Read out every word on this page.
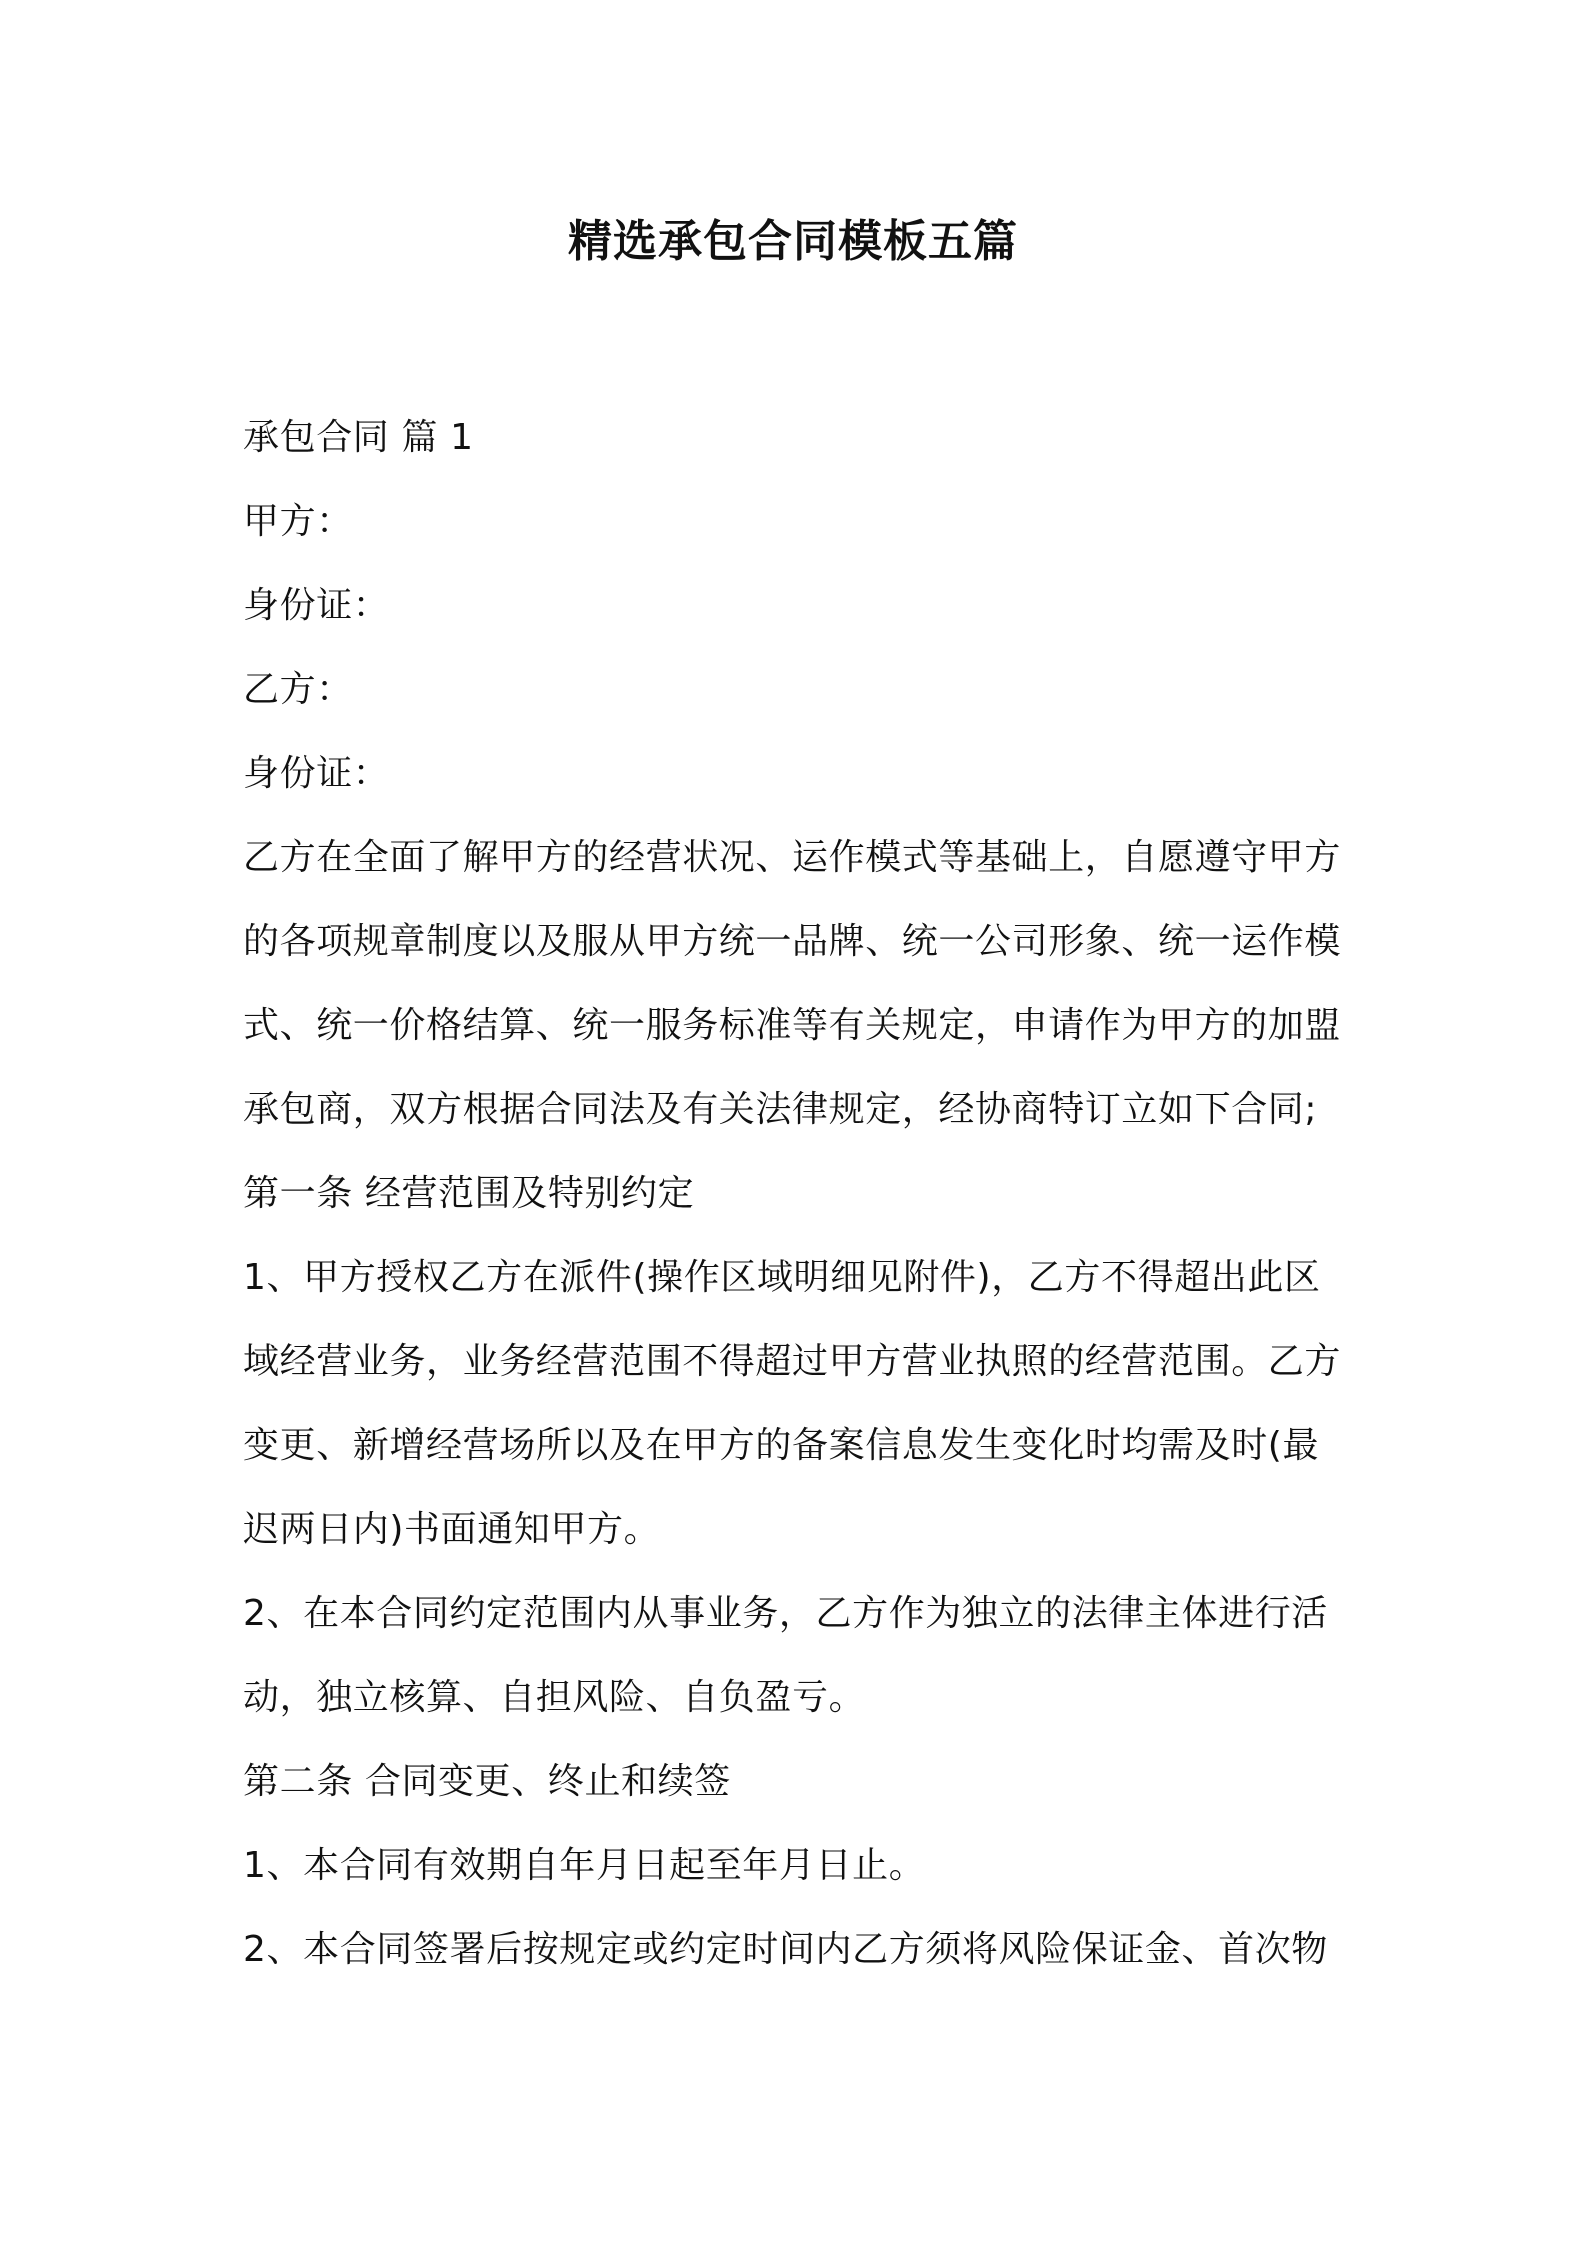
精选承包合同模板五篇
承包合同 篇 1
甲方：
身份证：
乙方：
身份证：
乙方在全面了解甲方的经营状况、运作模式等基础上，自愿遵守甲方
的各项规章制度以及服从甲方统一品牌、统一公司形象、统一运作模
式、统一价格结算、统一服务标准等有关规定，申请作为甲方的加盟
承包商，双方根据合同法及有关法律规定，经协商特订立如下合同;
第一条 经营范围及特别约定
1、甲方授权乙方在派件(操作区域明细见附件)，乙方不得超出此区
域经营业务，业务经营范围不得超过甲方营业执照的经营范围。乙方
变更、新增经营场所以及在甲方的备案信息发生变化时均需及时(最
迟两日内)书面通知甲方。
2、在本合同约定范围内从事业务，乙方作为独立的法律主体进行活
动，独立核算、自担风险、自负盈亏。
第二条 合同变更、终止和续签
1、本合同有效期自年月日起至年月日止。
2、本合同签署后按规定或约定时间内乙方须将风险保证金、首次物
